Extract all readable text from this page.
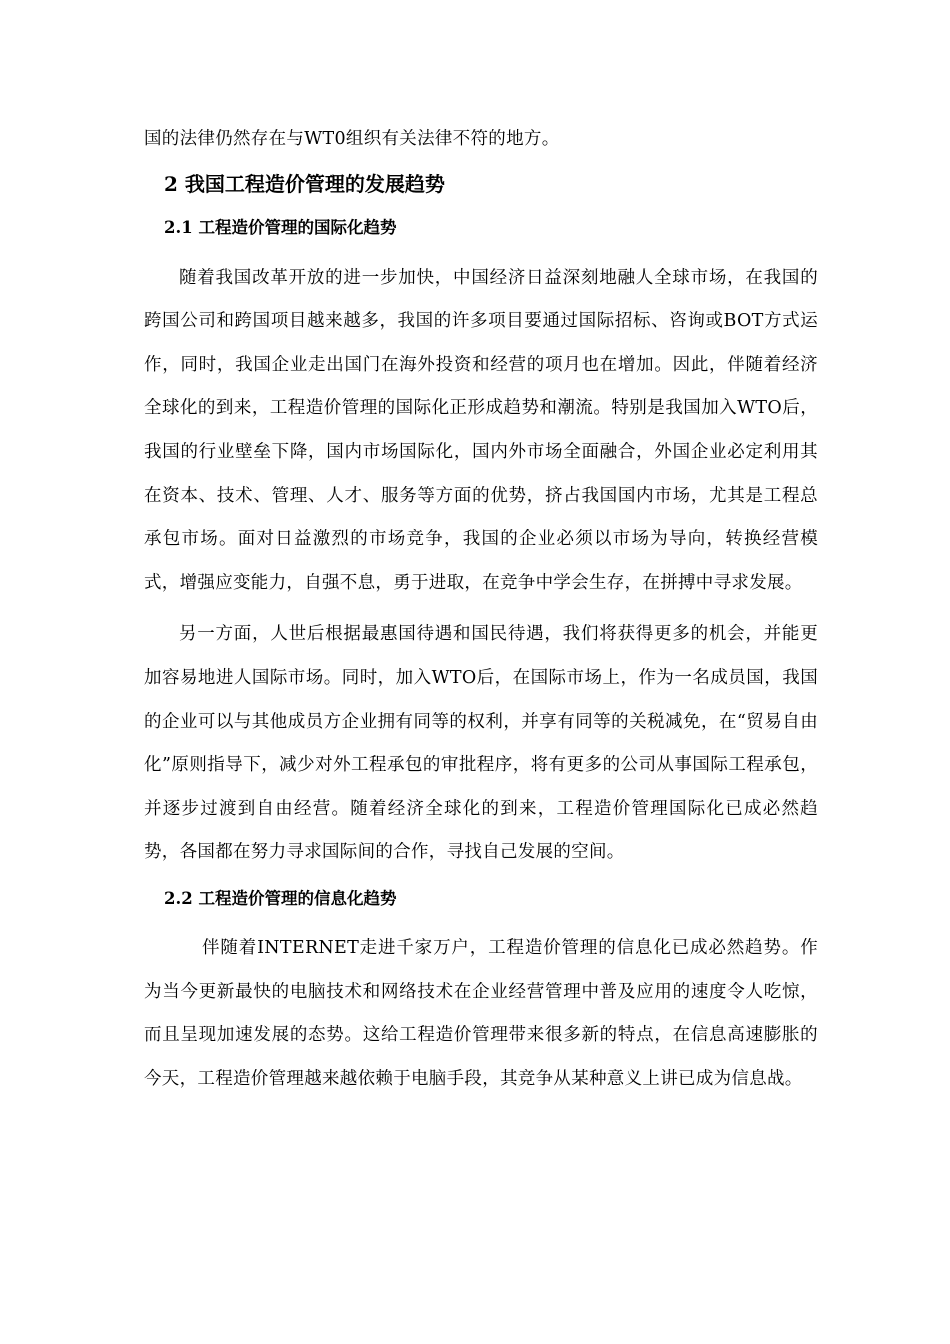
国的法律仍然存在与WT0组织有关法律不符的地方。

2 我国工程造价管理的发展趋势
2.1 工程造价管理的国际化趋势

随着我国改革开放的进一步加快，中国经济日益深刻地融人全球市场，在我国的跨国公司和跨国项目越来越多，我国的许多项目要通过国际招标、咨询或BOT方式运作，同时，我国企业走出国门在海外投资和经营的项月也在增加。因此，伴随着经济全球化的到来，工程造价管理的国际化正形成趋势和潮流。特别是我国加入WTO后，我国的行业壁垒下降，国内市场国际化，国内外市场全面融合，外国企业必定利用其在资本、技术、管理、人才、服务等方面的优势，挤占我国国内市场，尤其是工程总承包市场。面对日益激烈的市场竞争，我国的企业必须以市场为导向，转换经营模式，增强应变能力，自强不息，勇于进取，在竞争中学会生存，在拼搏中寻求发展。

另一方面，人世后根据最惠国待遇和国民待遇，我们将获得更多的机会，并能更加容易地进人国际市场。同时，加入WTO后，在国际市场上，作为一名成员国，我国的企业可以与其他成员方企业拥有同等的权利，并享有同等的关税减免，在“贸易自由化”原则指导下，减少对外工程承包的审批程序，将有更多的公司从事国际工程承包，并逐步过渡到自由经营。随着经济全球化的到来，工程造价管理国际化已成必然趋势，各国都在努力寻求国际间的合作，寻找自己发展的空间。

2.2 工程造价管理的信息化趋势

伴随着INTERNET走进千家万户，工程造价管理的信息化已成必然趋势。作为当今更新最快的电脑技术和网络技术在企业经营管理中普及应用的速度令人吃惊，而且呈现加速发展的态势。这给工程造价管理带来很多新的特点，在信息高速膨胀的今天，工程造价管理越来越依赖于电脑手段，其竞争从某种意义上讲已成为信息战。
